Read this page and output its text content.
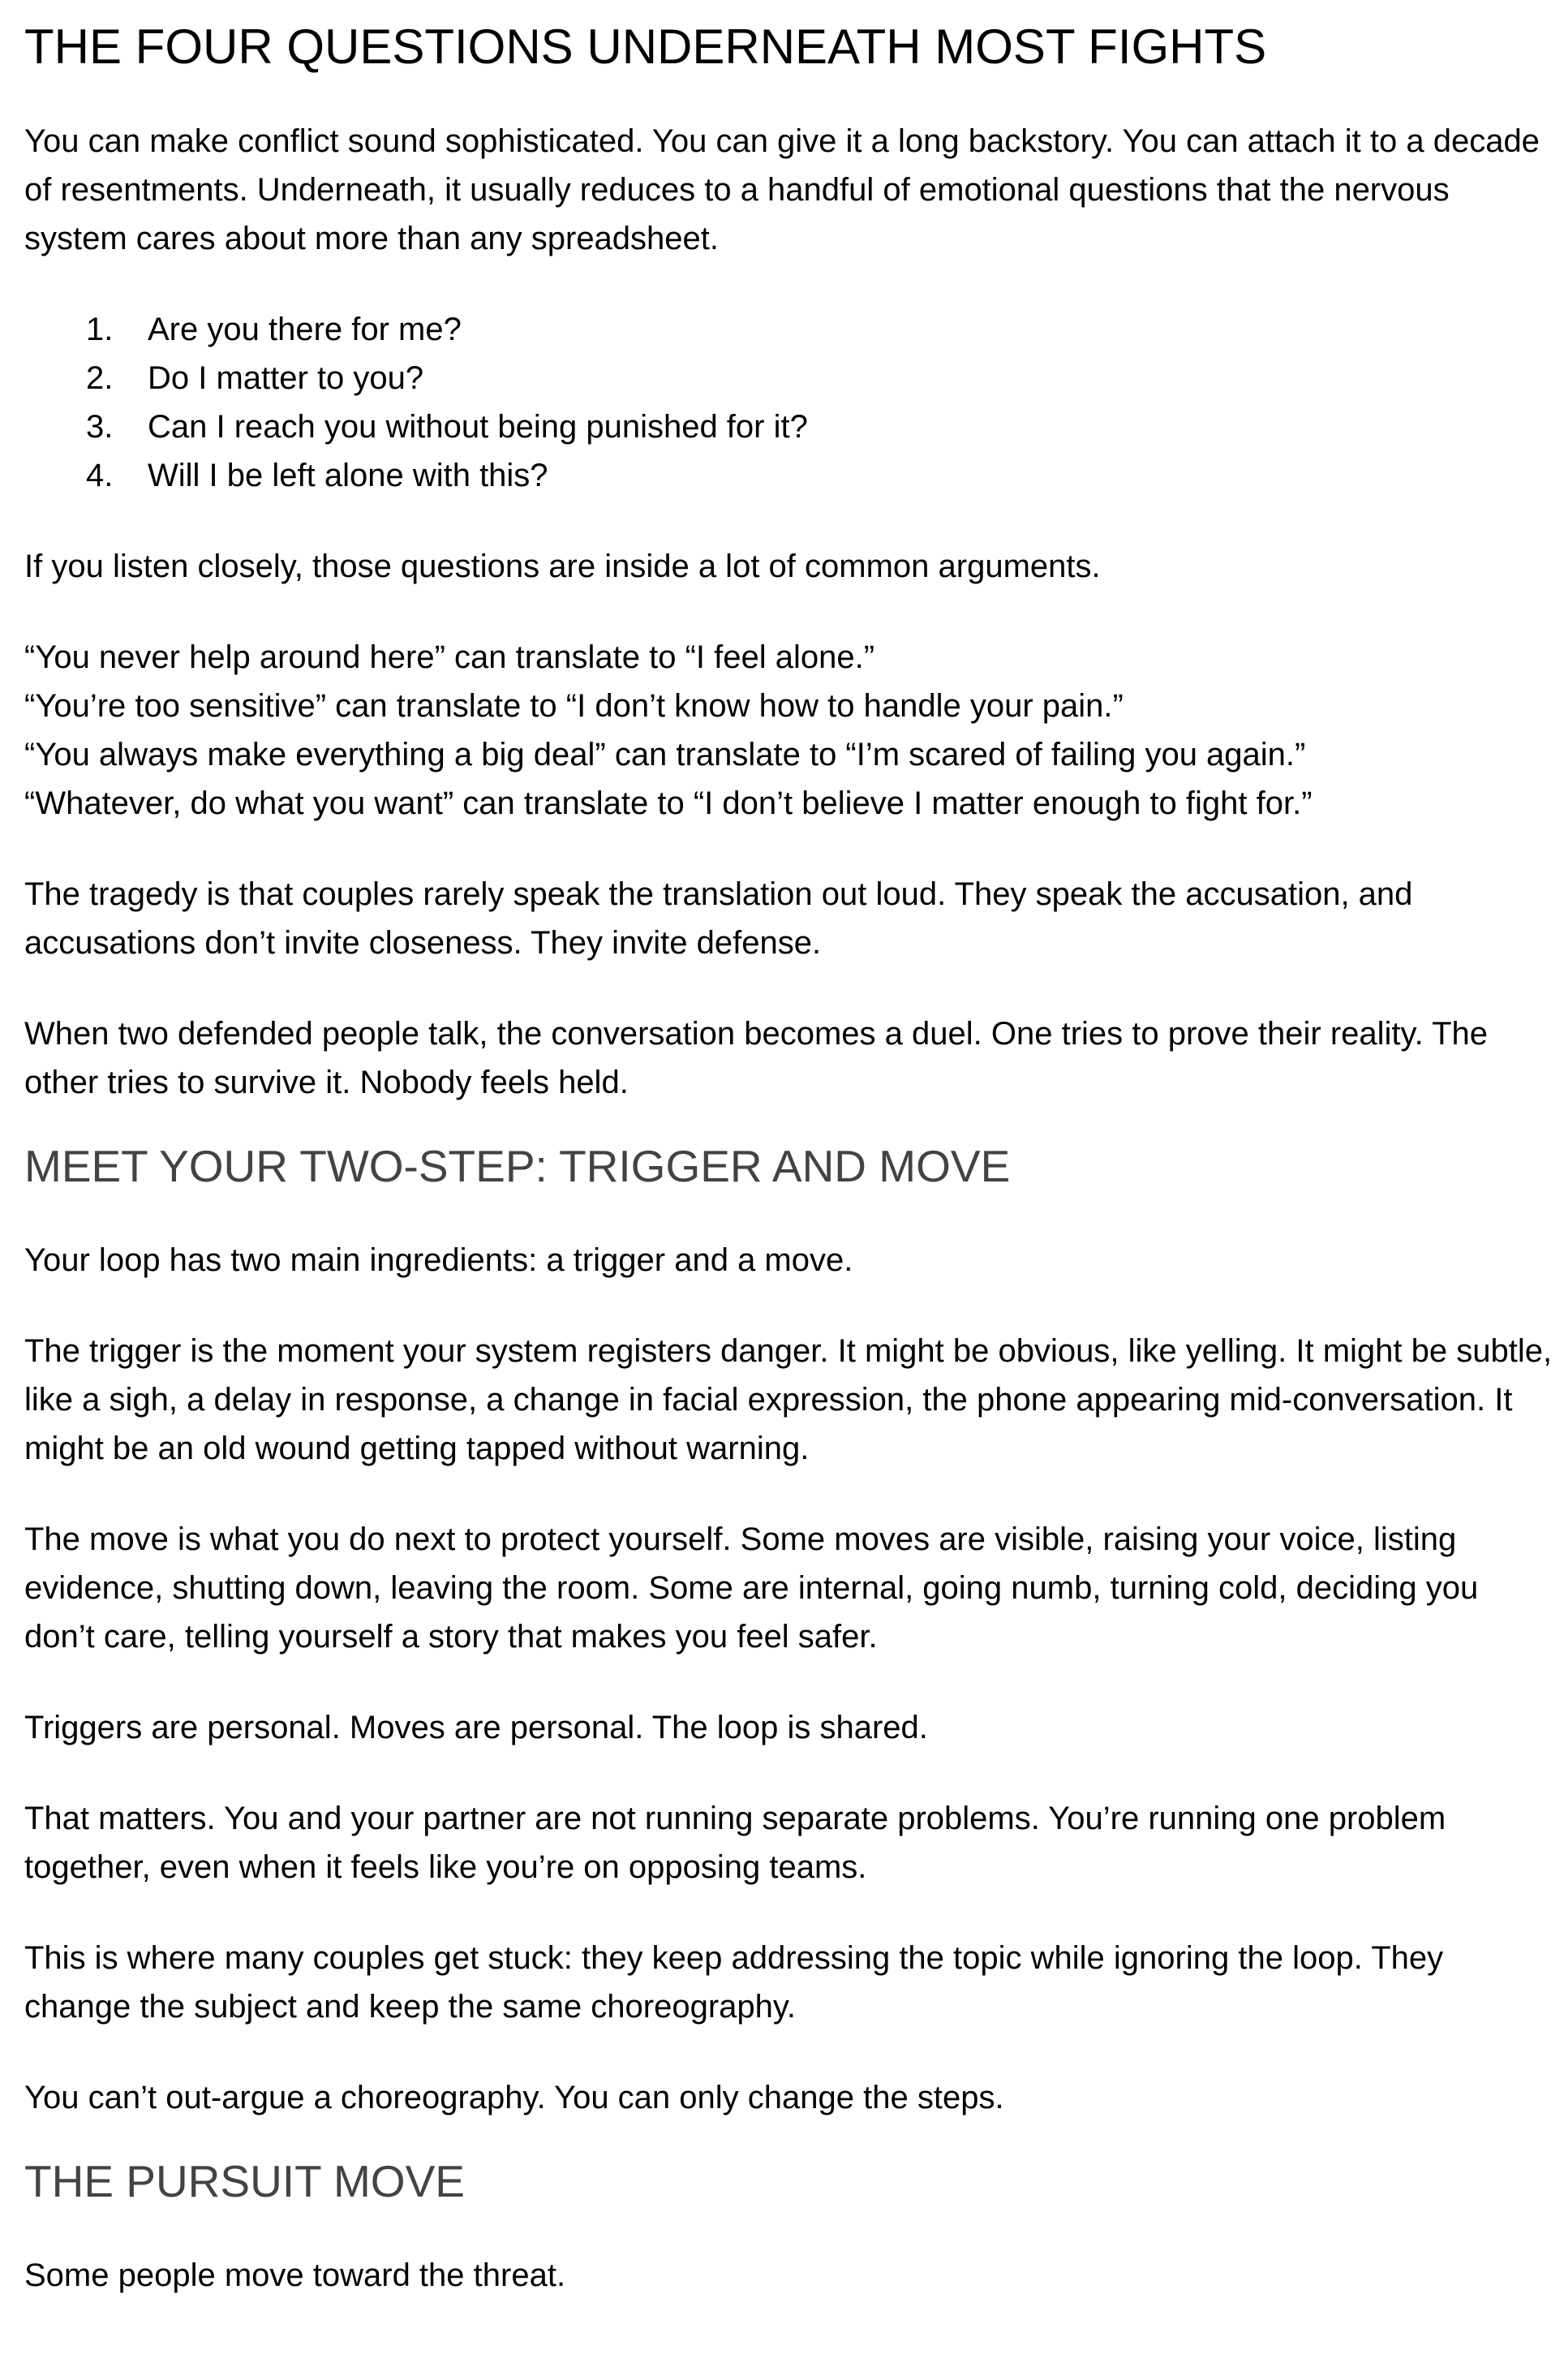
THE FOUR QUESTIONS UNDERNEATH MOST FIGHTS

You can make conflict sound sophisticated. You can give it a long backstory. You can attach it to a decade of resentments. Underneath, it usually reduces to a handful of emotional questions that the nervous system cares about more than any spreadsheet.

1.	Are you there for me?
2.	Do I matter to you?
3.	Can I reach you without being punished for it?
4.	Will I be left alone with this?

If you listen closely, those questions are inside a lot of common arguments.

“You never help around here” can translate to “I feel alone.”
“You’re too sensitive” can translate to “I don’t know how to handle your pain.”
“You always make everything a big deal” can translate to “I’m scared of failing you again.”
“Whatever, do what you want” can translate to “I don’t believe I matter enough to fight for.”

The tragedy is that couples rarely speak the translation out loud. They speak the accusation, and accusations don’t invite closeness. They invite defense.

When two defended people talk, the conversation becomes a duel. One tries to prove their reality. The other tries to survive it. Nobody feels held.

MEET YOUR TWO-STEP: TRIGGER AND MOVE

Your loop has two main ingredients: a trigger and a move.

The trigger is the moment your system registers danger. It might be obvious, like yelling. It might be subtle, like a sigh, a delay in response, a change in facial expression, the phone appearing mid-conversation. It might be an old wound getting tapped without warning.

The move is what you do next to protect yourself. Some moves are visible, raising your voice, listing evidence, shutting down, leaving the room. Some are internal, going numb, turning cold, deciding you don’t care, telling yourself a story that makes you feel safer.

Triggers are personal. Moves are personal. The loop is shared.

That matters. You and your partner are not running separate problems. You’re running one problem together, even when it feels like you’re on opposing teams.

This is where many couples get stuck: they keep addressing the topic while ignoring the loop. They change the subject and keep the same choreography.

You can’t out-argue a choreography. You can only change the steps.

THE PURSUIT MOVE

Some people move toward the threat.
